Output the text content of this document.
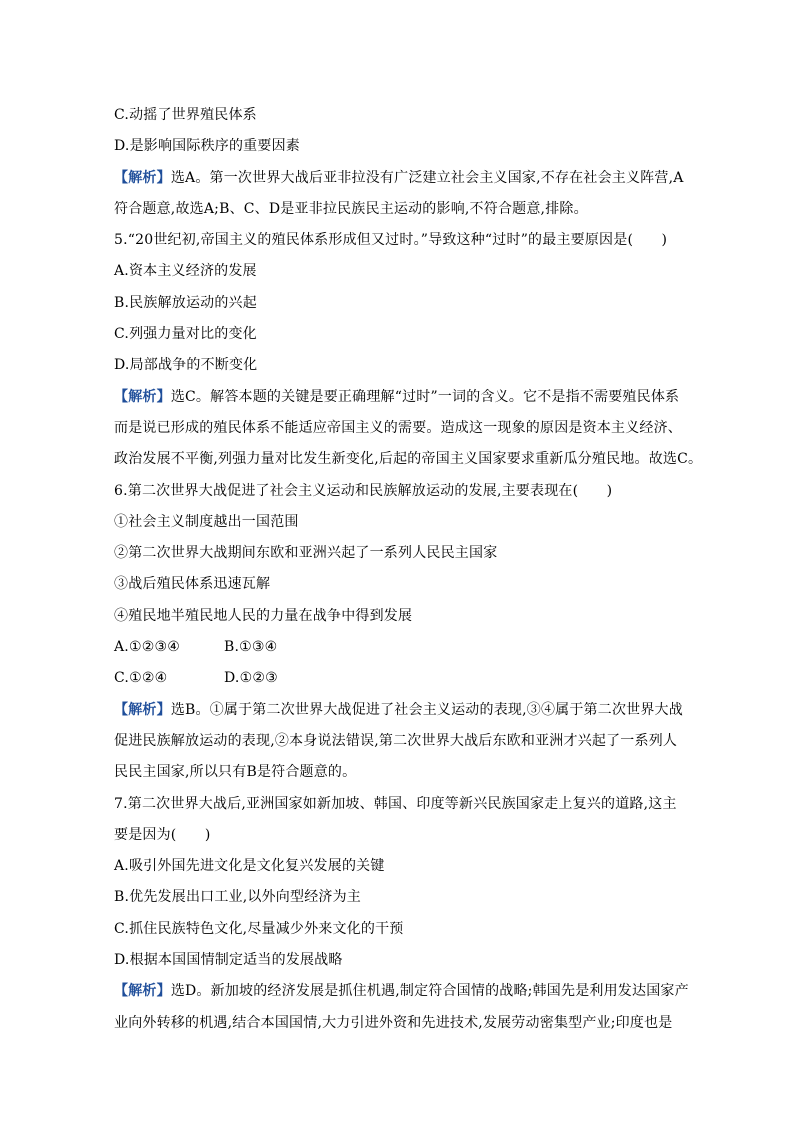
C.动摇了世界殖民体系
D.是影响国际秩序的重要因素
【解析】选A。第一次世界大战后亚非拉没有广泛建立社会主义国家,不存在社会主义阵营,A
符合题意,故选A;B、C、D是亚非拉民族民主运动的影响,不符合题意,排除。
5.“20世纪初,帝国主义的殖民体系形成但又过时。”导致这种“过时”的最主要原因是(　　)
A.资本主义经济的发展
B.民族解放运动的兴起
C.列强力量对比的变化
D.局部战争的不断变化
【解析】选C。解答本题的关键是要正确理解“过时”一词的含义。它不是指不需要殖民体系
而是说已形成的殖民体系不能适应帝国主义的需要。造成这一现象的原因是资本主义经济、
政治发展不平衡,列强力量对比发生新变化,后起的帝国主义国家要求重新瓜分殖民地。故选C。
6.第二次世界大战促进了社会主义运动和民族解放运动的发展,主要表现在(　　)
①社会主义制度越出一国范围
②第二次世界大战期间东欧和亚洲兴起了一系列人民民主国家
③战后殖民体系迅速瓦解
④殖民地半殖民地人民的力量在战争中得到发展
A.①②③④	B.①③④
C.①②④	D.①②③
【解析】选B。①属于第二次世界大战促进了社会主义运动的表现,③④属于第二次世界大战
促进民族解放运动的表现,②本身说法错误,第二次世界大战后东欧和亚洲才兴起了一系列人
民民主国家,所以只有B是符合题意的。
7.第二次世界大战后,亚洲国家如新加坡、韩国、印度等新兴民族国家走上复兴的道路,这主
要是因为(　　)
A.吸引外国先进文化是文化复兴发展的关键
B.优先发展出口工业,以外向型经济为主
C.抓住民族特色文化,尽量减少外来文化的干预
D.根据本国国情制定适当的发展战略
【解析】选D。新加坡的经济发展是抓住机遇,制定符合国情的战略;韩国先是利用发达国家产
业向外转移的机遇,结合本国国情,大力引进外资和先进技术,发展劳动密集型产业;印度也是
